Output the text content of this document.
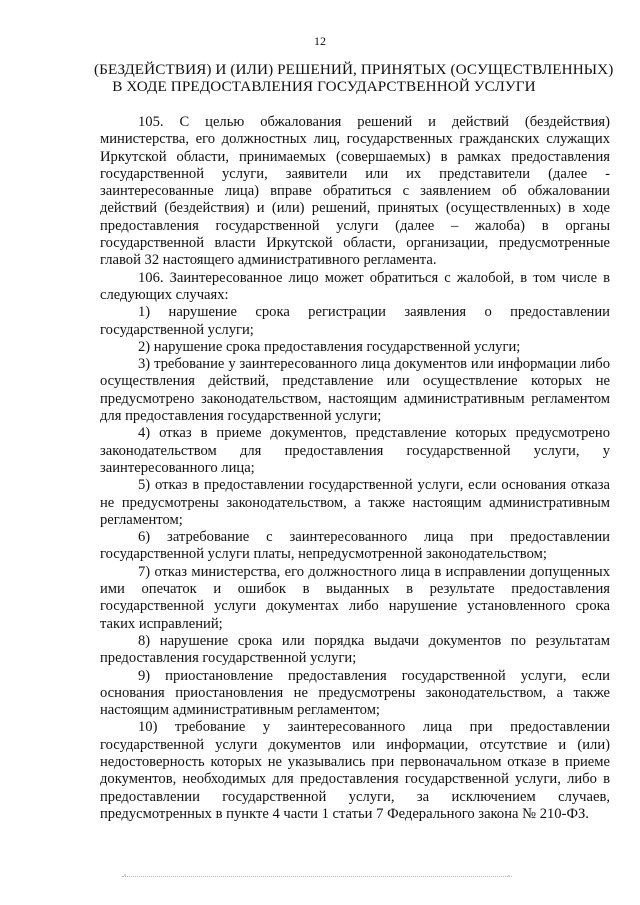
12
(БЕЗДЕЙСТВИЯ) И (ИЛИ) РЕШЕНИЙ, ПРИНЯТЫХ (ОСУЩЕСТВЛЕННЫХ)
В ХОДЕ ПРЕДОСТАВЛЕНИЯ ГОСУДАРСТВЕННОЙ УСЛУГИ

105. С целью обжалования решений и действий (бездействия) министерства, его должностных лиц, государственных гражданских служащих Иркутской области, принимаемых (совершаемых) в рамках предоставления государственной услуги, заявители или их представители (далее - заинтересованные лица) вправе обратиться с заявлением об обжаловании действий (бездействия) и (или) решений, принятых (осуществленных) в ходе предоставления государственной услуги (далее – жалоба) в органы государственной власти Иркутской области, организации, предусмотренные главой 32 настоящего административного регламента.

106. Заинтересованное лицо может обратиться с жалобой, в том числе в следующих случаях:

1) нарушение срока регистрации заявления о предоставлении государственной услуги;

2) нарушение срока предоставления государственной услуги;

3) требование у заинтересованного лица документов или информации либо осуществления действий, представление или осуществление которых не предусмотрено законодательством, настоящим административным регламентом для предоставления государственной услуги;

4) отказ в приеме документов, представление которых предусмотрено законодательством для предоставления государственной услуги, у заинтересованного лица;

5) отказ в предоставлении государственной услуги, если основания отказа не предусмотрены законодательством, а также настоящим административным регламентом;

6) затребование с заинтересованного лица при предоставлении государственной услуги платы, непредусмотренной законодательством;

7) отказ министерства, его должностного лица в исправлении допущенных ими опечаток и ошибок в выданных в результате предоставления государственной услуги документах либо нарушение установленного срока таких исправлений;

8) нарушение срока или порядка выдачи документов по результатам предоставления государственной услуги;

9) приостановление предоставления государственной услуги, если основания приостановления не предусмотрены законодательством, а также настоящим административным регламентом;

10) требование у заинтересованного лица при предоставлении государственной услуги документов или информации, отсутствие и (или) недостоверность которых не указывались при первоначальном отказе в приеме документов, необходимых для предоставления государственной услуги, либо в предоставлении государственной услуги, за исключением случаев, предусмотренных в пункте 4 части 1 статьи 7 Федерального закона № 210-ФЗ.
